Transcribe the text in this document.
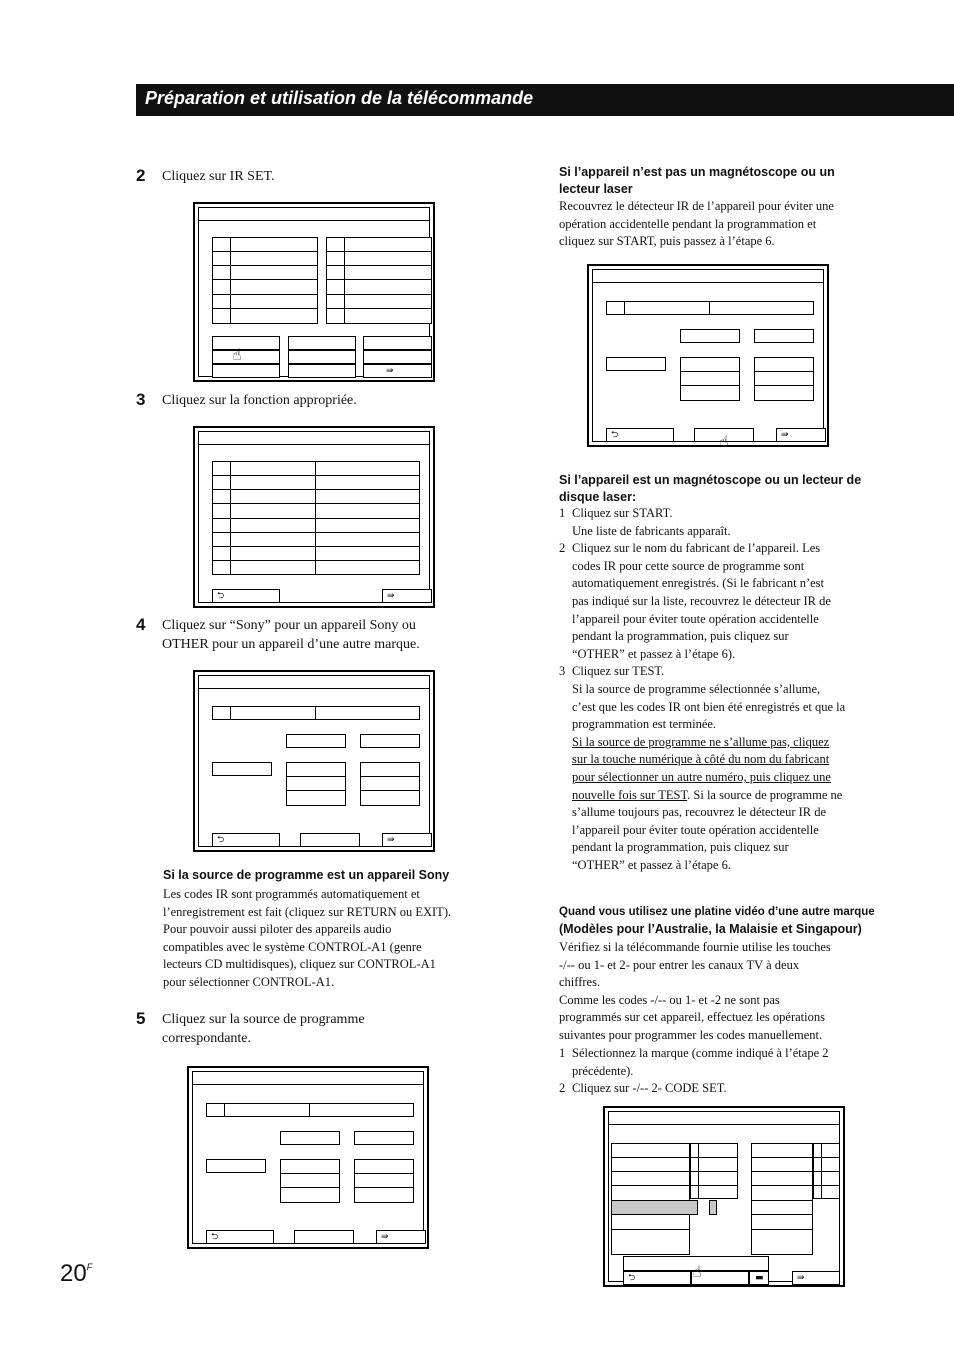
Préparation et utilisation de la télécommande
2 Cliquez sur IR SET.
⇛
☝
3 Cliquez sur la fonction appropriée.
⮌	⇛
4 Cliquez sur “Sony” pour un appareil Sony ou
OTHER pour un appareil d’une autre marque.
⮌	⇛
Si la source de programme est un appareil Sony
Les codes IR sont programmés automatiquement et
l’enregistrement est fait (cliquez sur RETURN ou EXIT).
Pour pouvoir aussi piloter des appareils audio
compatibles avec le système CONTROL-A1 (genre
lecteurs CD multidisques), cliquez sur CONTROL-A1
pour sélectionner CONTROL-A1.
5 Cliquez sur la source de programme
correspondante.
⮌	⇛
Si l’appareil n’est pas un magnétoscope ou un
lecteur laser
Recouvrez le détecteur IR de l’appareil pour éviter une
opération accidentelle pendant la programmation et
cliquez sur START, puis passez à l’étape 6.
⮌	⇛
☝
Si l’appareil est un magnétoscope ou un lecteur de
disque laser:
1 Cliquez sur START.
Une liste de fabricants apparaît.
2 Cliquez sur le nom du fabricant de l’appareil. Les
codes IR pour cette source de programme sont
automatiquement enregistrés. (Si le fabricant n’est
pas indiqué sur la liste, recouvrez le détecteur IR de
l’appareil pour éviter toute opération accidentelle
pendant la programmation, puis cliquez sur
“OTHER” et passez à l’étape 6).
3 Cliquez sur TEST.
Si la source de programme sélectionnée s’allume,
c’est que les codes IR ont bien été enregistrés et que la
programmation est terminée.
Si la source de programme ne s’allume pas, cliquez
sur la touche numérique à côté du nom du fabricant
pour sélectionner un autre numéro, puis cliquez une
nouvelle fois sur TEST. Si la source de programme ne
s’allume toujours pas, recouvrez le détecteur IR de
l’appareil pour éviter toute opération accidentelle
pendant la programmation, puis cliquez sur
“OTHER” et passez à l’étape 6.
Quand vous utilisez une platine vidéo d’une autre marque
(Modèles pour l’Australie, la Malaisie et Singapour)
Vérifiez si la télécommande fournie utilise les touches
-/-- ou 1- et 2- pour entrer les canaux TV à deux
chiffres.
Comme les codes -/-- ou 1- et -2 ne sont pas
programmés sur cet appareil, effectuez les opérations
suivantes pour programmer les codes manuellement.
1 Sélectionnez la marque (comme indiqué à l’étape 2
précédente).
2 Cliquez sur -/-- 2- CODE SET.
⮌	▬	⇛
☝
$20^F$
